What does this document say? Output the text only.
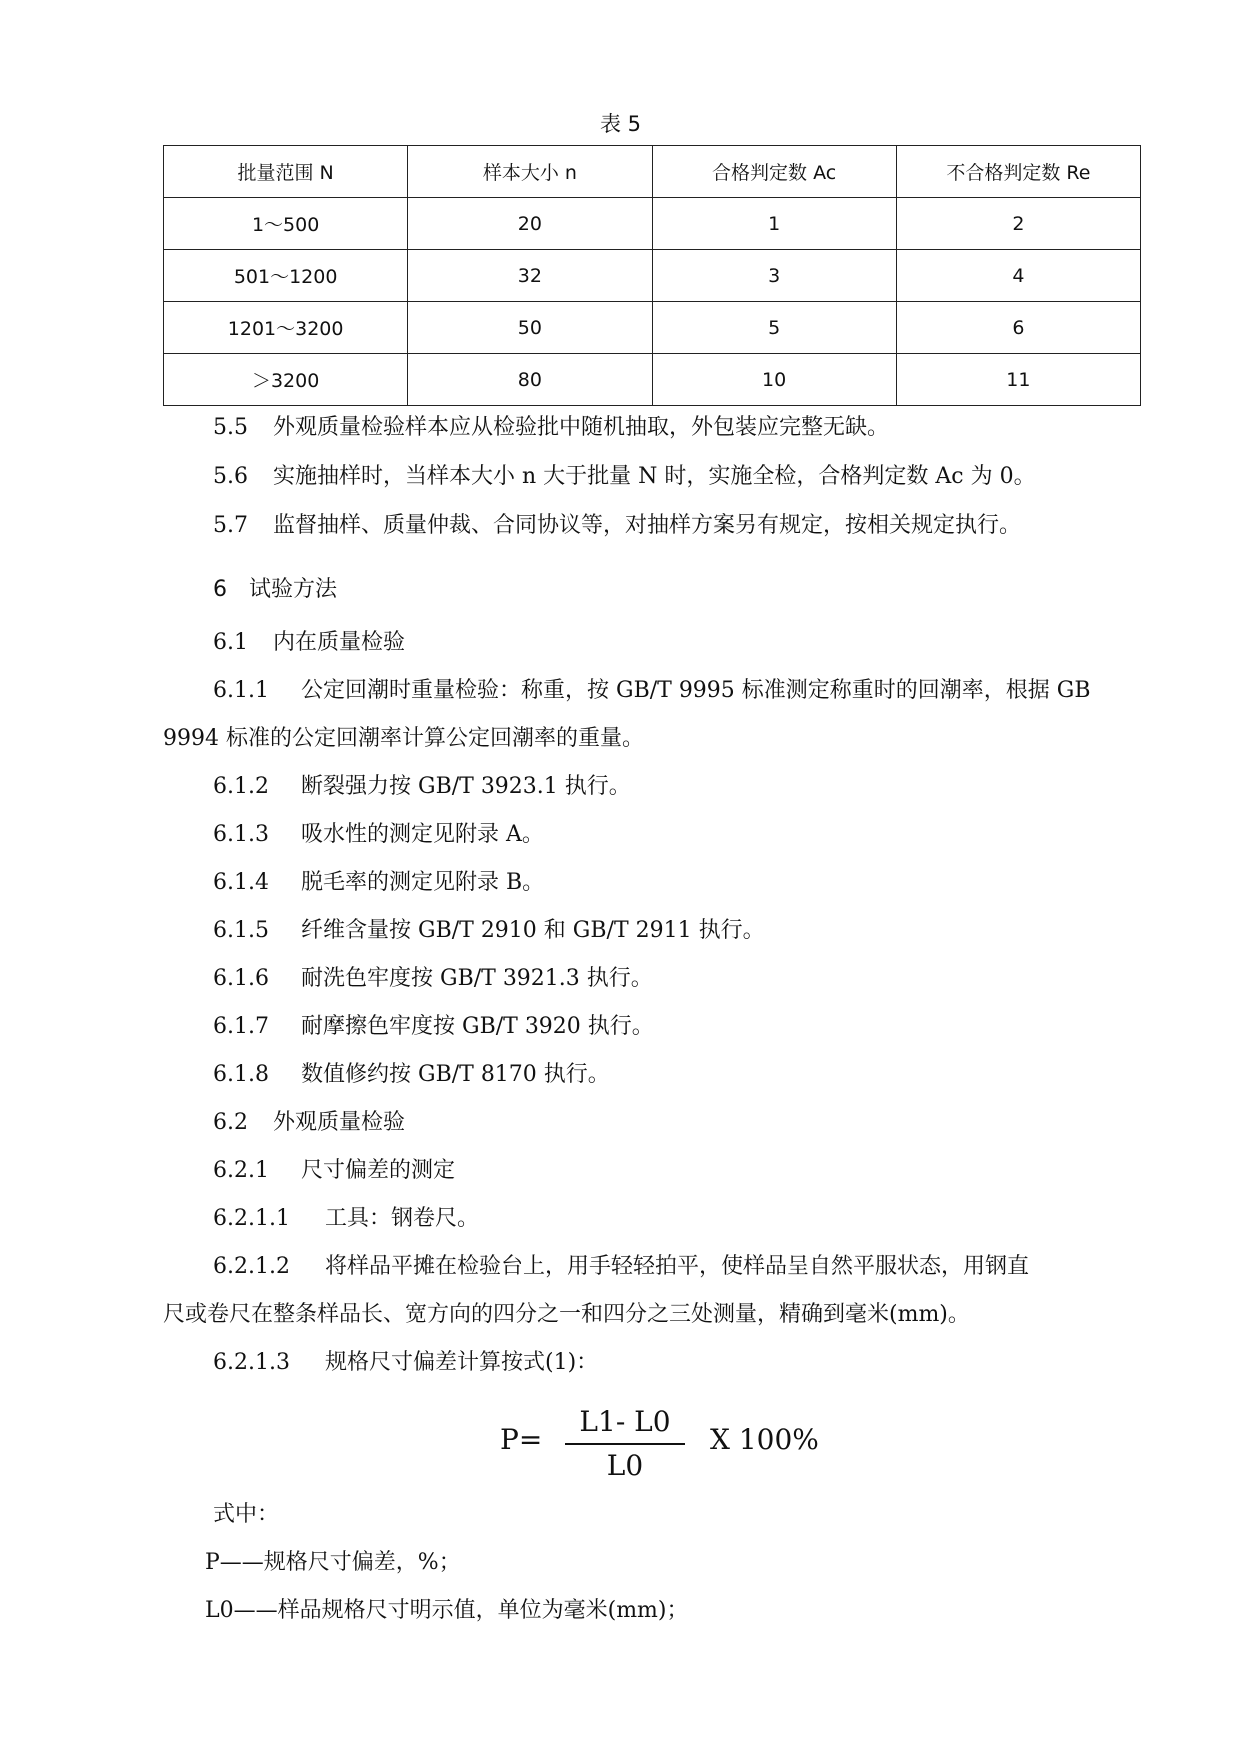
表 5
批量范围 N	样本大小 n	合格判定数 Ac	不合格判定数 Re
1～500	20	1	2
501～1200	32	3	4
1201～3200	50	5	6
＞3200	80	10	11
5.5 外观质量检验样本应从检验批中随机抽取，外包装应完整无缺。
5.6 实施抽样时，当样本大小 n 大于批量 N 时，实施全检，合格判定数 Ac 为 0。
5.7 监督抽样、质量仲裁、合同协议等，对抽样方案另有规定，按相关规定执行。
6 试验方法
6.1 内在质量检验
6.1.1 公定回潮时重量检验：称重，按 GB/T 9995 标准测定称重时的回潮率，根据 GB
9994 标准的公定回潮率计算公定回潮率的重量。
6.1.2 断裂强力按 GB/T 3923.1 执行。
6.1.3 吸水性的测定见附录 A。
6.1.4 脱毛率的测定见附录 B。
6.1.5 纤维含量按 GB/T 2910 和 GB/T 2911 执行。
6.1.6 耐洗色牢度按 GB/T 3921.3 执行。
6.1.7 耐摩擦色牢度按 GB/T 3920 执行。
6.1.8 数值修约按 GB/T 8170 执行。
6.2 外观质量检验
6.2.1 尺寸偏差的测定
6.2.1.1 工具：钢卷尺。
6.2.1.2 将样品平摊在检验台上，用手轻轻拍平，使样品呈自然平服状态，用钢直
尺或卷尺在整条样品长、宽方向的四分之一和四分之三处测量，精确到毫米(mm)。
6.2.1.3 规格尺寸偏差计算按式(1)：
P=
L1- L0
L0
X 100%
式中：
P——规格尺寸偏差，%；
L0——样品规格尺寸明示值，单位为毫米(mm)；
